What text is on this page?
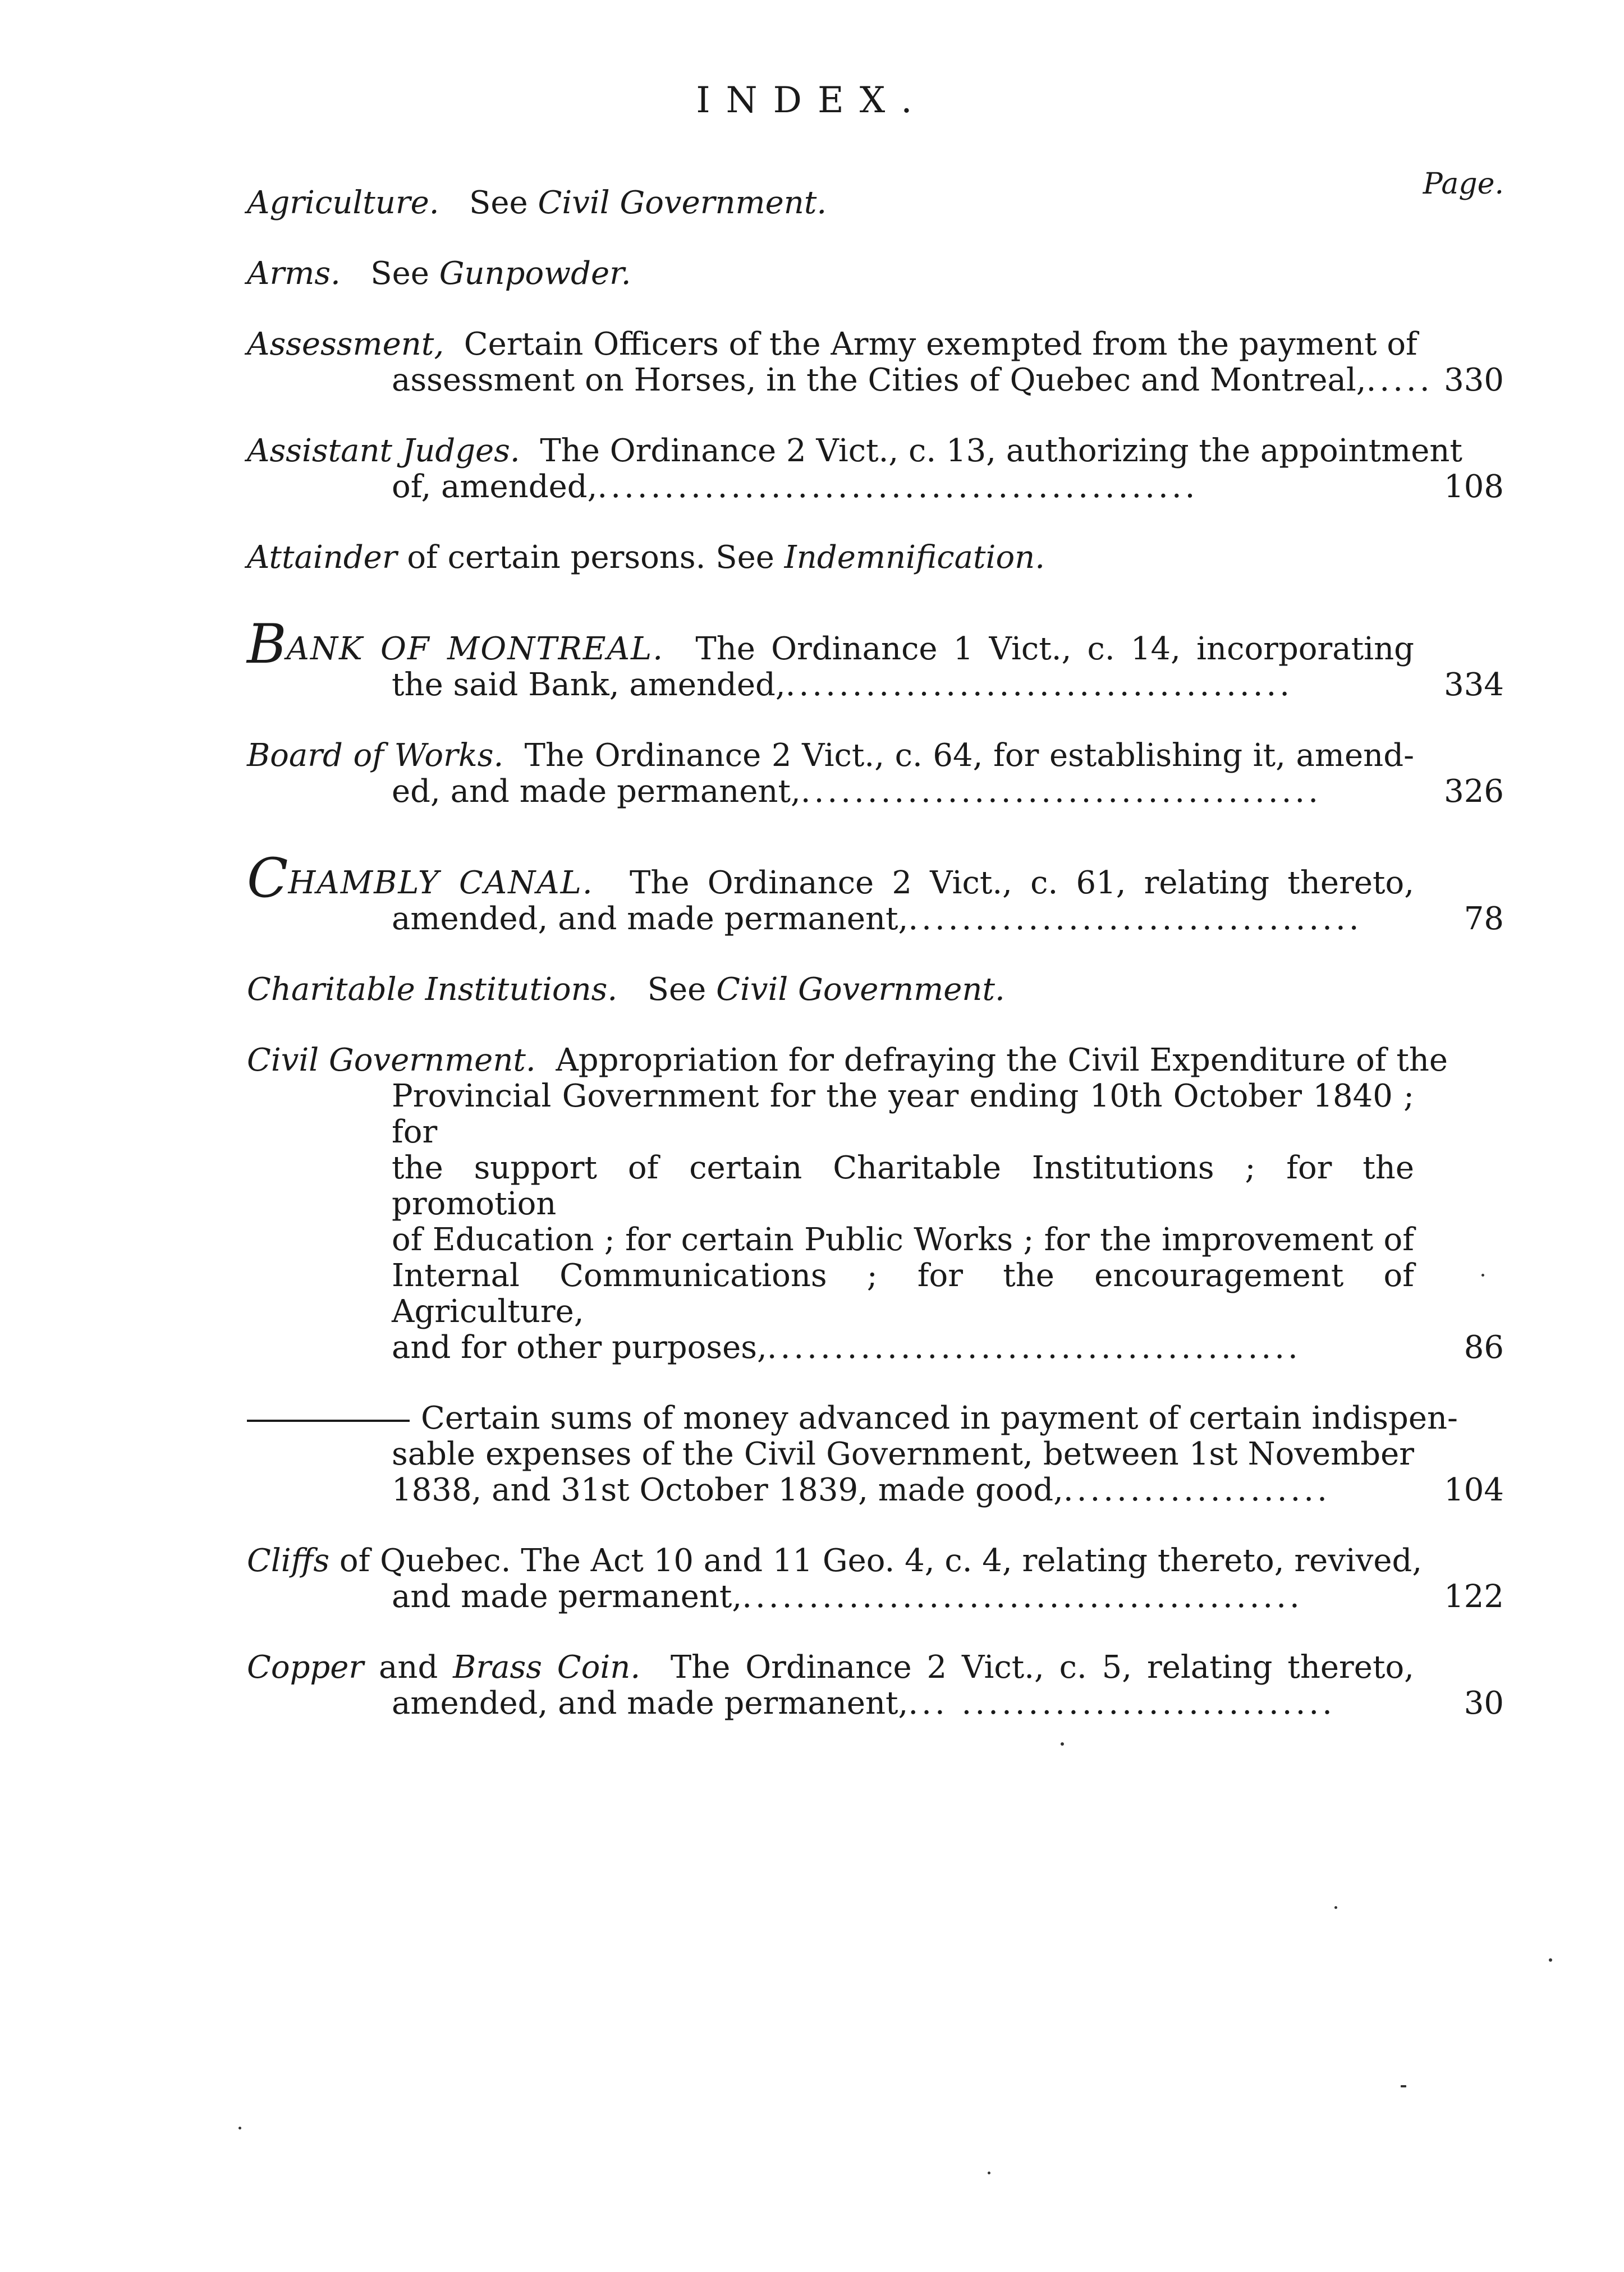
INDEX.
Page.
Agriculture. See Civil Government.
Arms. See Gunpowder.
Assessment, Certain Officers of the Army exempted from the payment of
assessment on Horses, in the Cities of Quebec and Montreal,..... 330
Assistant Judges. The Ordinance 2 Vict., c. 13, authorizing the appointment
of, amended,.............................................	108
Attainder of certain persons. See Indemnification.
BANK OF MONTREAL. The Ordinance 1 Vict., c. 14, incorporating
the said Bank, amended,......................................	334
Board of Works. The Ordinance 2 Vict., c. 64, for establishing it, amend-
ed, and made permanent,.......................................	326
CHAMBLY CANAL. The Ordinance 2 Vict., c. 61, relating thereto,
amended, and made permanent,..................................	78
Charitable Institutions. See Civil Government.
Civil Government. Appropriation for defraying the Civil Expenditure of the
Provincial Government for the year ending 10th October 1840 ; for
the support of certain Charitable Institutions ; for the promotion
of Education ; for certain Public Works ; for the improvement of
Internal Communications ; for the encouragement of Agriculture,
and for other purposes,........................................	86
Certain sums of money advanced in payment of certain indispen-
sable expenses of the Civil Government, between 1st November
1838, and 31st October 1839, made good,....................	104
Cliffs of Quebec. The Act 10 and 11 Geo. 4, c. 4, relating thereto, revived,
and made permanent,..........................................	122
Copper and Brass Coin. The Ordinance 2 Vict., c. 5, relating thereto,
amended, and made permanent,... ............................	30
